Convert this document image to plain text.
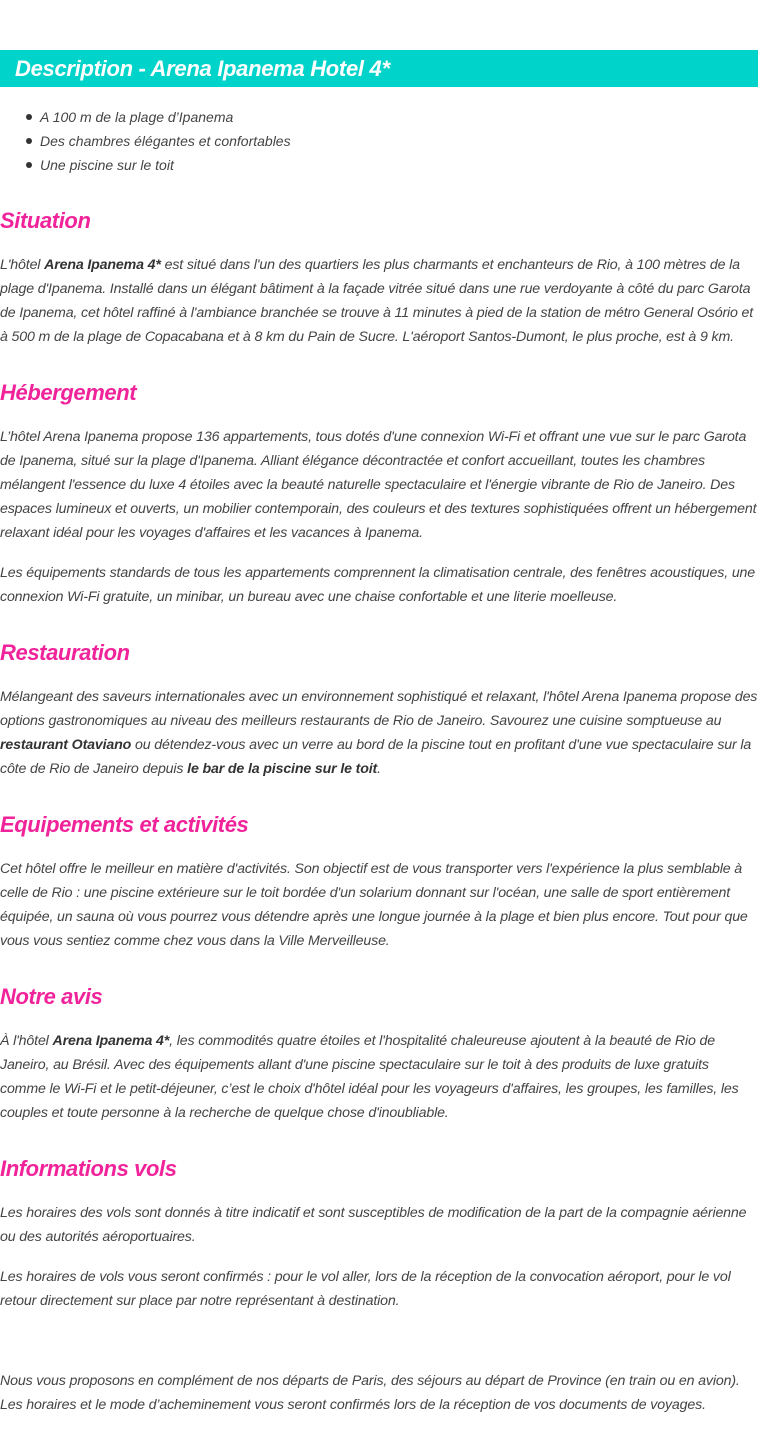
Description - Arena Ipanema Hotel 4*
A 100 m de la plage d’Ipanema
Des chambres élégantes et confortables
Une piscine sur le toit
Situation

L'hôtel Arena Ipanema 4* est situé dans l'un des quartiers les plus charmants et enchanteurs de Rio, à 100 mètres de la plage d'Ipanema. Installé dans un élégant bâtiment à la façade vitrée situé dans une rue verdoyante à côté du parc Garota de Ipanema, cet hôtel raffiné à l'ambiance branchée se trouve à 11 minutes à pied de la station de métro General Osório et à 500 m de la plage de Copacabana et à 8 km du Pain de Sucre. L'aéroport Santos-Dumont, le plus proche, est à 9 km.

Hébergement

L’hôtel Arena Ipanema propose 136 appartements, tous dotés d'une connexion Wi-Fi et offrant une vue sur le parc Garota de Ipanema, situé sur la plage d'Ipanema. Alliant élégance décontractée et confort accueillant, toutes les chambres mélangent l'essence du luxe 4 étoiles avec la beauté naturelle spectaculaire et l'énergie vibrante de Rio de Janeiro. Des espaces lumineux et ouverts, un mobilier contemporain, des couleurs et des textures sophistiquées offrent un hébergement relaxant idéal pour les voyages d'affaires et les vacances à Ipanema.

Les équipements standards de tous les appartements comprennent la climatisation centrale, des fenêtres acoustiques, une connexion Wi-Fi gratuite, un minibar, un bureau avec une chaise confortable et une literie moelleuse.

Restauration

Mélangeant des saveurs internationales avec un environnement sophistiqué et relaxant, l'hôtel Arena Ipanema propose des options gastronomiques au niveau des meilleurs restaurants de Rio de Janeiro. Savourez une cuisine somptueuse au restaurant Otaviano ou détendez-vous avec un verre au bord de la piscine tout en profitant d'une vue spectaculaire sur la côte de Rio de Janeiro depuis le bar de la piscine sur le toit.

Equipements et activités

Cet hôtel offre le meilleur en matière d'activités. Son objectif est de vous transporter vers l'expérience la plus semblable à celle de Rio : une piscine extérieure sur le toit bordée d'un solarium donnant sur l'océan, une salle de sport entièrement équipée, un sauna où vous pourrez vous détendre après une longue journée à la plage et bien plus encore. Tout pour que vous vous sentiez comme chez vous dans la Ville Merveilleuse.

Notre avis

À l'hôtel Arena Ipanema 4*, les commodités quatre étoiles et l'hospitalité chaleureuse ajoutent à la beauté de Rio de Janeiro, au Brésil. Avec des équipements allant d'une piscine spectaculaire sur le toit à des produits de luxe gratuits comme le Wi-Fi et le petit-déjeuner, c’est le choix d'hôtel idéal pour les voyageurs d'affaires, les groupes, les familles, les couples et toute personne à la recherche de quelque chose d'inoubliable.

Informations vols

Les horaires des vols sont donnés à titre indicatif et sont susceptibles de modification de la part de la compagnie aérienne ou des autorités aéroportuaires.

Les horaires de vols vous seront confirmés : pour le vol aller, lors de la réception de la convocation aéroport, pour le vol retour directement sur place par notre représentant à destination.

Nous vous proposons en complément de nos départs de Paris, des séjours au départ de Province (en train ou en avion). Les horaires et le mode d’acheminement vous seront confirmés lors de la réception de vos documents de voyages.
